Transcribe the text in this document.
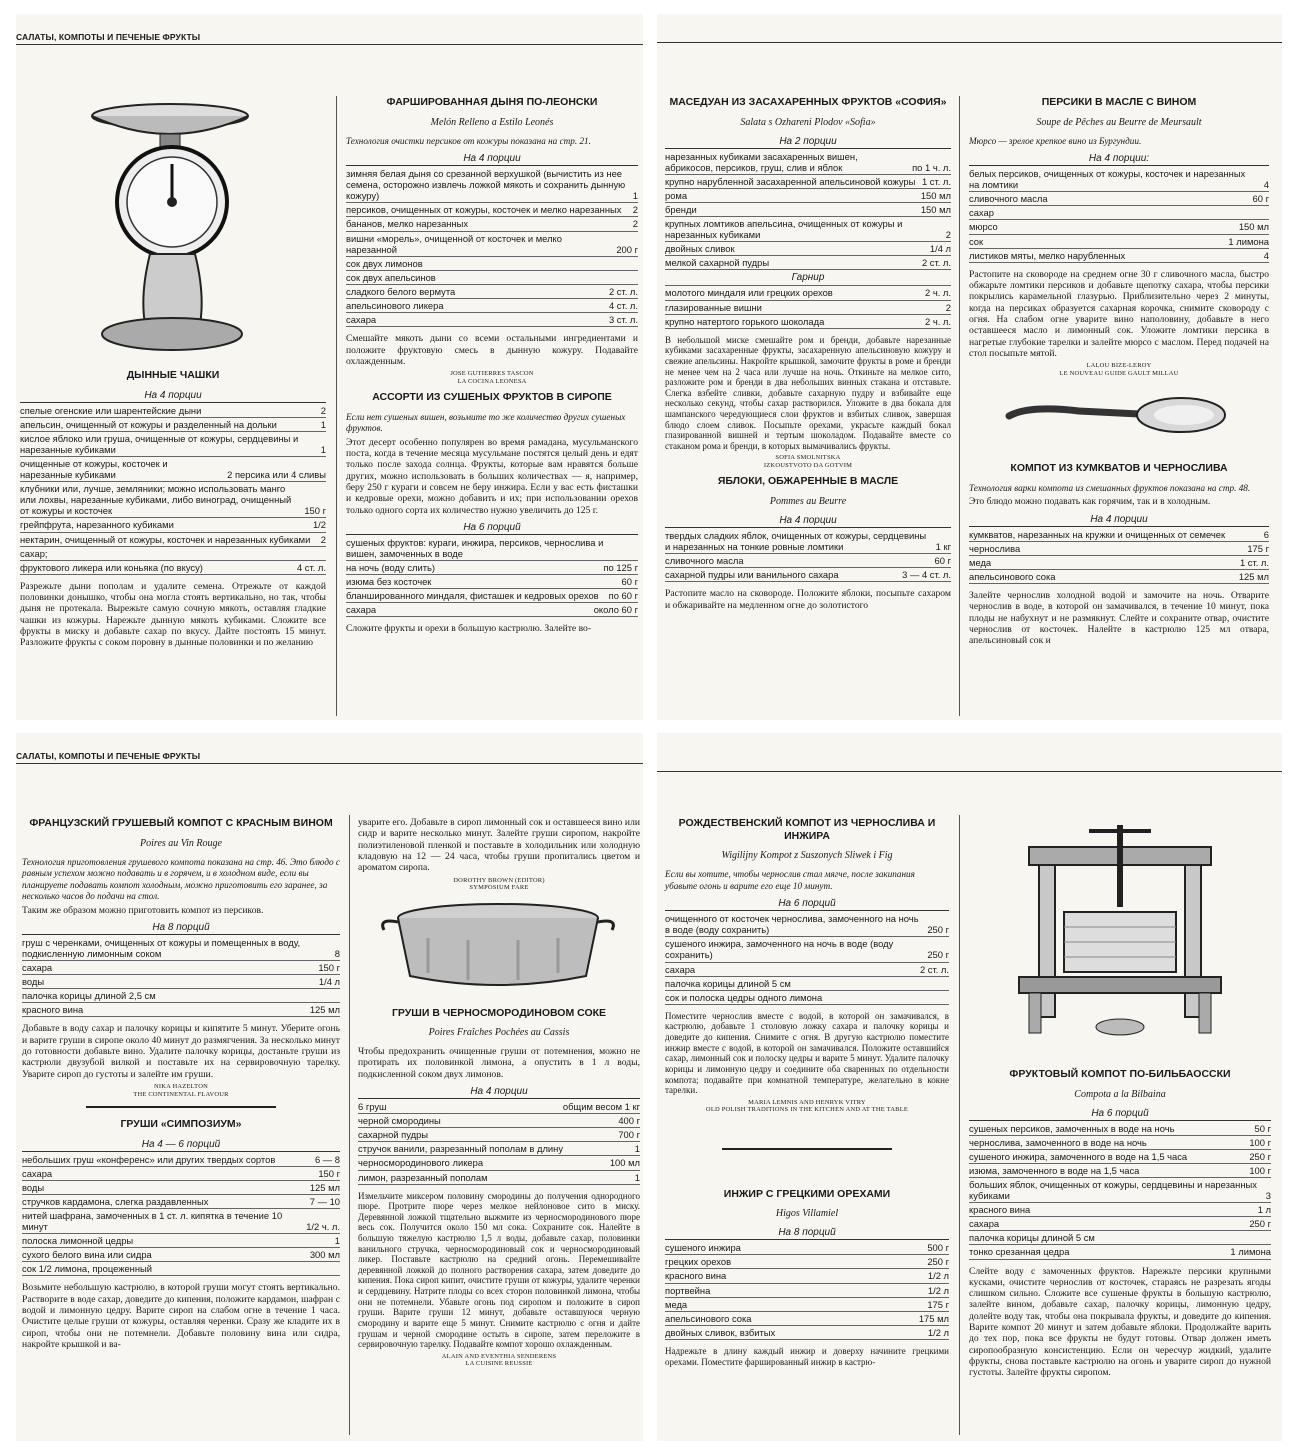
САЛАТЫ, КОМПОТЫ И ПЕЧЕНЫЕ ФРУКТЫ
ДЫННЫЕ ЧАШКИ
На 4 порции
спелые огенские или шарентейские дыни	2
апельсин, очищенный от кожуры и разделенный на дольки	1
кислое яблоко или груша, очищенные от кожуры, сердцевины и нарезанные кубиками	1
очищенные от кожуры, косточек и нарезанные кубиками	2 персика или 4 сливы
клубники или, лучше, земляники; можно использовать манго или лохвы, нарезанные кубиками, либо виноград, очищенный от кожуры и косточек	150 г
грейпфрута, нарезанного кубиками	1/2
нектарин, очищенный от кожуры, косточек и нарезанных кубиками	2
сахар;
фруктового ликера или коньяка (по вкусу)	4 ст. л.
Разрежьте дыни пополам и удалите семена. Отрежьте от каждой половинки донышко, чтобы она могла стоять вертикально, но так, чтобы дыня не протекала. Вырежьте самую сочную мякоть, оставляя гладкие чашки из кожуры. Нарежьте дынную мякоть кубиками. Сложите все фрукты в миску и добавьте сахар по вкусу. Дайте постоять 15 минут. Разложите фрукты с соком поровну в дынные половинки и по желанию
ФАРШИРОВАННАЯ ДЫНЯ ПО-ЛЕОНСКИ
Melón Relleno a Estilo Leonés
Технология очистки персиков от кожуры показана на стр. 21.
На 4 порции
зимняя белая дыня со срезанной верхушкой (вычистить из нее семена, осторожно извлечь ложкой мякоть и сохранить дынную кожуру)	1
персиков, очищенных от кожуры, косточек и мелко нарезанных	2
бананов, мелко нарезанных	2
вишни «морель», очищенной от косточек и мелко нарезанной	200 г
сок двух лимонов
сок двух апельсинов
сладкого белого вермута	2 ст. л.
апельсинового ликера	4 ст. л.
сахара	3 ст. л.
Смешайте мякоть дыни со всеми остальными ингредиентами и положите фруктовую смесь в дынную кожуру. Подавайте охлажденным.
JOSE GUTIERRES TASCON
LA COCINA LEONESA
АССОРТИ ИЗ СУШЕНЫХ ФРУКТОВ В СИРОПЕ
Если нет сушеных вишен, возьмите то же количество других сушеных фруктов.
Этот десерт особенно популярен во время рамадана, мусульманского поста, когда в течение месяца мусульмане постятся целый день и едят только после захода солнца. Фрукты, которые вам нравятся больше других, можно использовать в больших количествах — я, например, беру 250 г кураги и совсем не беру инжира. Если у вас есть фисташки и кедровые орехи, можно добавить и их; при использовании орехов только одного сорта их количество нужно увеличить до 125 г.
На 6 порций
сушеных фруктов: кураги, инжира, персиков, чернослива и вишен, замоченных в воде
на ночь (воду слить)	по 125 г
изюма без косточек	60 г
бланшированного миндаля, фисташек и кедровых орехов	по 60 г
сахара	около 60 г
Сложите фрукты и орехи в большую кастрюлю. Залейте во-
МАСЕДУАН ИЗ ЗАСАХАРЕННЫХ ФРУКТОВ «СОФИЯ»
Salata s Ozhareni Plodov «Sofia»
На 2 порции
нарезанных кубиками засахаренных вишен, абрикосов, персиков, груш, слив и яблок	по 1 ч. л.
крупно нарубленной засахаренной апельсиновой кожуры 1 ст. л.
рома	150 мл
бренди	150 мл
крупных ломтиков апельсина, очищенных от кожуры и нарезанных кубиками	2
двойных сливок	1/4 л
мелкой сахарной пудры	2 ст. л.
Гарнир
молотого миндаля или грецких орехов	2 ч. л.
глазированные вишни	2
крупно натертого горького шоколада	2 ч. л.
В небольшой миске смешайте ром и бренди, добавьте нарезанные кубиками засахаренные фрукты, засахаренную апельсиновую кожуру и свежие апельсины. Накройте крышкой, замочите фрукты в роме и бренди не менее чем на 2 часа или лучше на ночь. Откиньте на мелкое сито, разложите ром и бренди в два небольших винных стакана и отставьте. Слегка взбейте сливки, добавьте сахарную пудру и взбивайте еще несколько секунд, чтобы сахар растворился. Уложите в два бокала для шампанского чередующиеся слои фруктов и взбитых сливок, завершая блюдо слоем сливок. Посыпьте орехами, украсьте каждый бокал глазированной вишней и тертым шоколадом. Подавайте вместе со стаканом рома и бренди, в которых вымачивались фрукты.
SOFIA SMOLNITSKA
IZKOUSTVOTO DA GOTVIM
ЯБЛОКИ, ОБЖАРЕННЫЕ В МАСЛЕ
Pommes au Beurre
На 4 порции
твердых сладких яблок, очищенных от кожуры, сердцевины и нарезанных на тонкие ровные ломтики	1 кг
сливочного масла	60 г
сахарной пудры или ванильного сахара	3 — 4 ст. л.
Растопите масло на сковороде. Положите яблоки, посыпьте сахаром и обжаривайте на медленном огне до золотистого
ПЕРСИКИ В МАСЛЕ С ВИНОМ
Soupe de Pêches au Beurre de Meursault
Мюрсо — зрелое крепкое вино из Бургундии.
На 4 порции:
белых персиков, очищенных от кожуры, косточек и нарезанных на ломтики	4
сливочного масла	60 г
сахар
мюрсо	150 мл
сок	1 лимона
листиков мяты, мелко нарубленных	4
Растопите на сковороде на среднем огне 30 г сливочного масла, быстро обжарьте ломтики персиков и добавьте щепотку сахара, чтобы персики покрылись карамельной глазурью. Приблизительно через 2 минуты, когда на персиках образуется сахарная корочка, снимите сковороду с огня. На слабом огне уварите вино наполовину, добавьте в него оставшееся масло и лимонный сок. Уложите ломтики персика в нагретые глубокие тарелки и залейте мюрсо с маслом. Перед подачей на стол посыпьте мятой.
LALOU BIZE-LEROY
LE NOUVEAU GUIDE GAULT MILLAU
КОМПОТ ИЗ КУМКВАТОВ И ЧЕРНОСЛИВА
Технология варки компота из смешанных фруктов показана на стр. 48.
Это блюдо можно подавать как горячим, так и в холодным.
На 4 порции
кумкватов, нарезанных на кружки и очищенных от семечек	6
чернослива	175 г
меда	1 ст. л.
апельсинового сока	125 мл
Залейте чернослив холодной водой и замочите на ночь. Отварите чернослив в воде, в которой он замачивался, в течение 10 минут, пока плоды не набухнут и не размякнут. Слейте и сохраните отвар, очистите чернослив от косточек. Налейте в кастрюлю 125 мл отвара, апельсиновый сок и
САЛАТЫ, КОМПОТЫ И ПЕЧЕНЫЕ ФРУКТЫ
ФРАНЦУЗСКИЙ ГРУШЕВЫЙ КОМПОТ С КРАСНЫМ ВИНОМ
Poires au Vin Rouge
Технология приготовления грушевого компота показана на стр. 46. Это блюдо с равным успехом можно подавать и в горячем, и в холодном виде, если вы планируете подавать компот холодным, можно приготовить его заранее, за несколько часов до подачи на стол.
Таким же образом можно приготовить компот из персиков.
На 8 порций
груш с черенками, очищенных от кожуры и помещенных в воду, подкисленную лимонным соком	8
сахара	150 г
воды	1/4 л
палочка корицы длиной 2,5 см
красного вина	125 мл
Добавьте в воду сахар и палочку корицы и кипятите 5 минут. Уберите огонь и варите груши в сиропе около 40 минут до размягчения. За несколько минут до готовности добавьте вино. Удалите палочку корицы, достаньте груши из кастрюли двузубой вилкой и поставьте их на сервировочную тарелку. Уварите сироп до густоты и залейте им груши.
NIKA HAZELTON
THE CONTINENTAL FLAVOUR
ГРУШИ «СИМПОЗИУМ»
На 4 — 6 порций
небольших груш «конференс» или других твердых сортов	6 — 8
сахара	150 г
воды	125 мл
стручков кардамона, слегка раздавленных	7 — 10
нитей шафрана, замоченных в 1 ст. л. кипятка в течение 10 минут	1/2 ч. л.
полоска лимонной цедры	1
сухого белого вина или сидра	300 мл
сок 1/2 лимона, процеженный
Возьмите небольшую кастрюлю, в которой груши могут стоять вертикально. Растворите в воде сахар, доведите до кипения, положите кардамон, шафран с водой и лимонную цедру. Варите сироп на слабом огне в течение 1 часа. Очистите целые груши от кожуры, оставляя черенки. Сразу же кладите их в сироп, чтобы они не потемнели. Добавьте половину вина или сидра, накройте крышкой и ва-
уварите его. Добавьте в сироп лимонный сок и оставшееся вино или сидр и варите несколько минут. Залейте груши сиропом, накройте полиэтиленовой пленкой и поставьте в холодильник или холодную кладовую на 12 — 24 часа, чтобы груши пропитались цветом и ароматом сиропа.
DOROTHY BROWN (EDITOR)
SYMPOSIUM FARE
ГРУШИ В ЧЕРНОСМОРОДИНОВОМ СОКЕ
Poires Fraîches Pochées au Cassis
Чтобы предохранить очищенные груши от потемнения, можно не протирать их половинкой лимона, а опустить в 1 л воды, подкисленной соком двух лимонов.
На 4 порции
6 груш	общим весом 1 кг
черной смородины	400 г
сахарной пудры	700 г
стручок ванили, разрезанный пополам в длину	1
черносмородинового ликера	100 мл
лимон, разрезанный пополам	1
Измельчите миксером половину смородины до получения однородного пюре. Протрите пюре через мелкое нейлоновое сито в миску. Деревянной ложкой тщательно выжмите из черносмородинового пюре весь сок. Получится около 150 мл сока. Сохраните сок. Налейте в большую тяжелую кастрюлю 1,5 л воды, добавьте сахар, половинки ванильного стручка, черносмородиновый сок и черносмородиновый ликер. Поставьте кастрюлю на средний огонь. Перемешивайте деревянной ложкой до полного растворения сахара, затем доведите до кипения. Пока сироп кипит, очистите груши от кожуры, удалите черенки и сердцевину. Натрите плоды со всех сторон половинкой лимона, чтобы они не потемнели. Убавьте огонь под сиропом и положите в сироп груши. Варите груши 12 минут, добавьте оставшуюся черную смородину и варите еще 5 минут. Снимите кастрюлю с огня и дайте грушам и черной смородине остыть в сиропе, затем переложите в сервировочную тарелку. Подавайте компот хорошо охлажденным.
ALAIN AND EVENTHIA SENDERENS
LA CUISINE REUSSIE
РОЖДЕСТВЕНСКИЙ КОМПОТ ИЗ ЧЕРНОСЛИВА И ИНЖИРА
Wigilijny Kompot z Suszonych Sliwek i Fig
Если вы хотите, чтобы чернослив стал мягче, после закипания убавьте огонь и варите его еще 10 минут.
На 6 порций
очищенного от косточек чернослива, замоченного на ночь в воде (воду сохранить)	250 г
сушеного инжира, замоченного на ночь в воде (воду сохранить)	250 г
сахара	2 ст. л.
палочка корицы длиной 5 см
сок и полоска цедры одного лимона
Поместите чернослив вместе с водой, в которой он замачивался, в кастрюлю, добавьте 1 столовую ложку сахара и палочку корицы и доведите до кипения. Снимите с огня. В другую кастрюлю поместите инжир вместе с водой, в которой он замачивался. Положите оставшийся сахар, лимонный сок и полоску цедры и варите 5 минут. Удалите палочку корицы и лимонную цедру и соедините оба сваренных по отдельности компота; подавайте при комнатной температуре, желательно в кокне тарелки.
MARIA LEMNIS AND HENRYK VITRY
OLD POLISH TRADITIONS IN THE KITCHEN AND AT THE TABLE
ИНЖИР С ГРЕЦКИМИ ОРЕХАМИ
Higos Villamiel
На 8 порций
сушеного инжира	500 г
грецких орехов	250 г
красного вина	1/2 л
портвейна	1/2 л
меда	175 г
апельсинового сока	175 мл
двойных сливок, взбитых	1/2 л
Надрежьте в длину каждый инжир и доверху начините грецкими орехами. Поместите фаршированный инжир в кастрю-
ФРУКТОВЫЙ КОМПОТ ПО-БИЛЬБАОССКИ
Compota a la Bilbaina
На 6 порций
сушеных персиков, замоченных в воде на ночь	50 г
чернослива, замоченного в воде на ночь	100 г
сушеного инжира, замоченного в воде на 1,5 часа	250 г
изюма, замоченного в воде на 1,5 часа	100 г
больших яблок, очищенных от кожуры, сердцевины и нарезанных кубиками	3
красного вина	1 л
сахара	250 г
палочка корицы длиной 5 см
тонко срезанная цедра	1 лимона
Слейте воду с замоченных фруктов. Нарежьте персики крупными кусками, очистите чернослив от косточек, стараясь не разрезать ягоды слишком сильно. Сложите все сушеные фрукты в большую кастрюлю, залейте вином, добавьте сахар, палочку корицы, лимонную цедру, долейте воду так, чтобы она покрывала фрукты, и доведите до кипения. Варите компот 20 минут и затем добавьте яблоки. Продолжайте варить до тех пор, пока все фрукты не будут готовы. Отвар должен иметь сиропообразную консистенцию. Если он чересчур жидкий, удалите фрукты, снова поставьте кастрюлю на огонь и уварите сироп до нужной густоты. Залейте фрукты сиропом.
